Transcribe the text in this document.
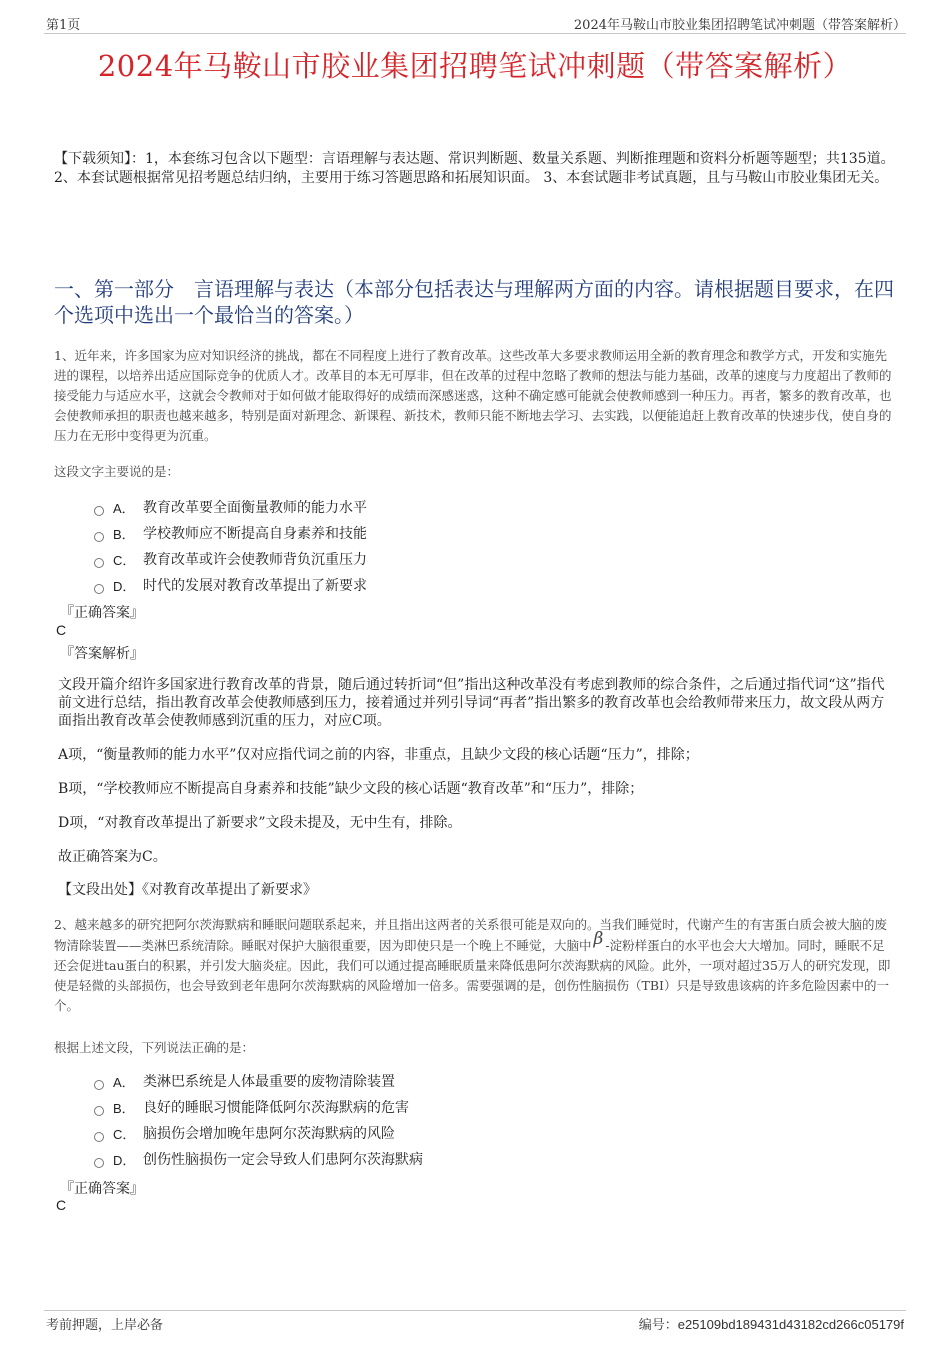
第1页	2024年马鞍山市胶业集团招聘笔试冲刺题（带答案解析）
2024年马鞍山市胶业集团招聘笔试冲刺题（带答案解析）

【下载须知】：1，本套练习包含以下题型：言语理解与表达题、常识判断题、数量关系题、判断推理题和资料分析题等题型；共135道。 2、本套试题根据常见招考题总结归纳，主要用于练习答题思路和拓展知识面。 3、本套试题非考试真题，且与马鞍山市胶业集团无关。

一、第一部分　言语理解与表达（本部分包括表达与理解两方面的内容。请根据题目要求，在四个选项中选出一个最恰当的答案。）

1、近年来，许多国家为应对知识经济的挑战，都在不同程度上进行了教育改革。这些改革大多要求教师运用全新的教育理念和教学方式，开发和实施先进的课程，以培养出适应国际竞争的优质人才。改革目的本无可厚非，但在改革的过程中忽略了教师的想法与能力基础，改革的速度与力度超出了教师的接受能力与适应水平，这就会令教师对于如何做才能取得好的成绩而深感迷惑，这种不确定感可能就会使教师感到一种压力。再者，繁多的教育改革，也会使教师承担的职责也越来越多，特别是面对新理念、新课程、新技术，教师只能不断地去学习、去实践，以便能追赶上教育改革的快速步伐，使自身的压力在无形中变得更为沉重。

这段文字主要说的是：

A． 教育改革要全面衡量教师的能力水平
B． 学校教师应不断提高自身素养和技能
C． 教育改革或许会使教师背负沉重压力
D． 时代的发展对教育改革提出了新要求

『正确答案』

C

『答案解析』

文段开篇介绍许多国家进行教育改革的背景，随后通过转折词“但”指出这种改革没有考虑到教师的综合条件，之后通过指代词“这”指代前文进行总结，指出教育改革会使教师感到压力，接着通过并列引导词“再者”指出繁多的教育改革也会给教师带来压力，故文段从两方面指出教育改革会使教师感到沉重的压力，对应C项。

A项，“衡量教师的能力水平”仅对应指代词之前的内容，非重点，且缺少文段的核心话题“压力”，排除；

B项，“学校教师应不断提高自身素养和技能”缺少文段的核心话题“教育改革”和“压力”，排除；

D项，“对教育改革提出了新要求”文段未提及，无中生有，排除。

故正确答案为C。

【文段出处】《对教育改革提出了新要求》

2、越来越多的研究把阿尔茨海默病和睡眠问题联系起来，并且指出这两者的关系很可能是双向的。当我们睡觉时，代谢产生的有害蛋白质会被大脑的废物清除装置——类淋巴系统清除。睡眠对保护大脑很重要，因为即使只是一个晚上不睡觉，大脑中 β -淀粉样蛋白的水平也会大大增加。同时，睡眠不足还会促进tau蛋白的积累，并引发大脑炎症。因此，我们可以通过提高睡眠质量来降低患阿尔茨海默病的风险。此外，一项对超过35万人的研究发现，即使是轻微的头部损伤，也会导致到老年患阿尔茨海默病的风险增加一倍多。需要强调的是，创伤性脑损伤（TBI）只是导致患该病的许多危险因素中的一个。

根据上述文段，下列说法正确的是：

A． 类淋巴系统是人体最重要的废物清除装置
B． 良好的睡眠习惯能降低阿尔茨海默病的危害
C． 脑损伤会增加晚年患阿尔茨海默病的风险
D． 创伤性脑损伤一定会导致人们患阿尔茨海默病

『正确答案』

C

考前押题，上岸必备	编号：e25109bd189431d43182cd266c05179f
